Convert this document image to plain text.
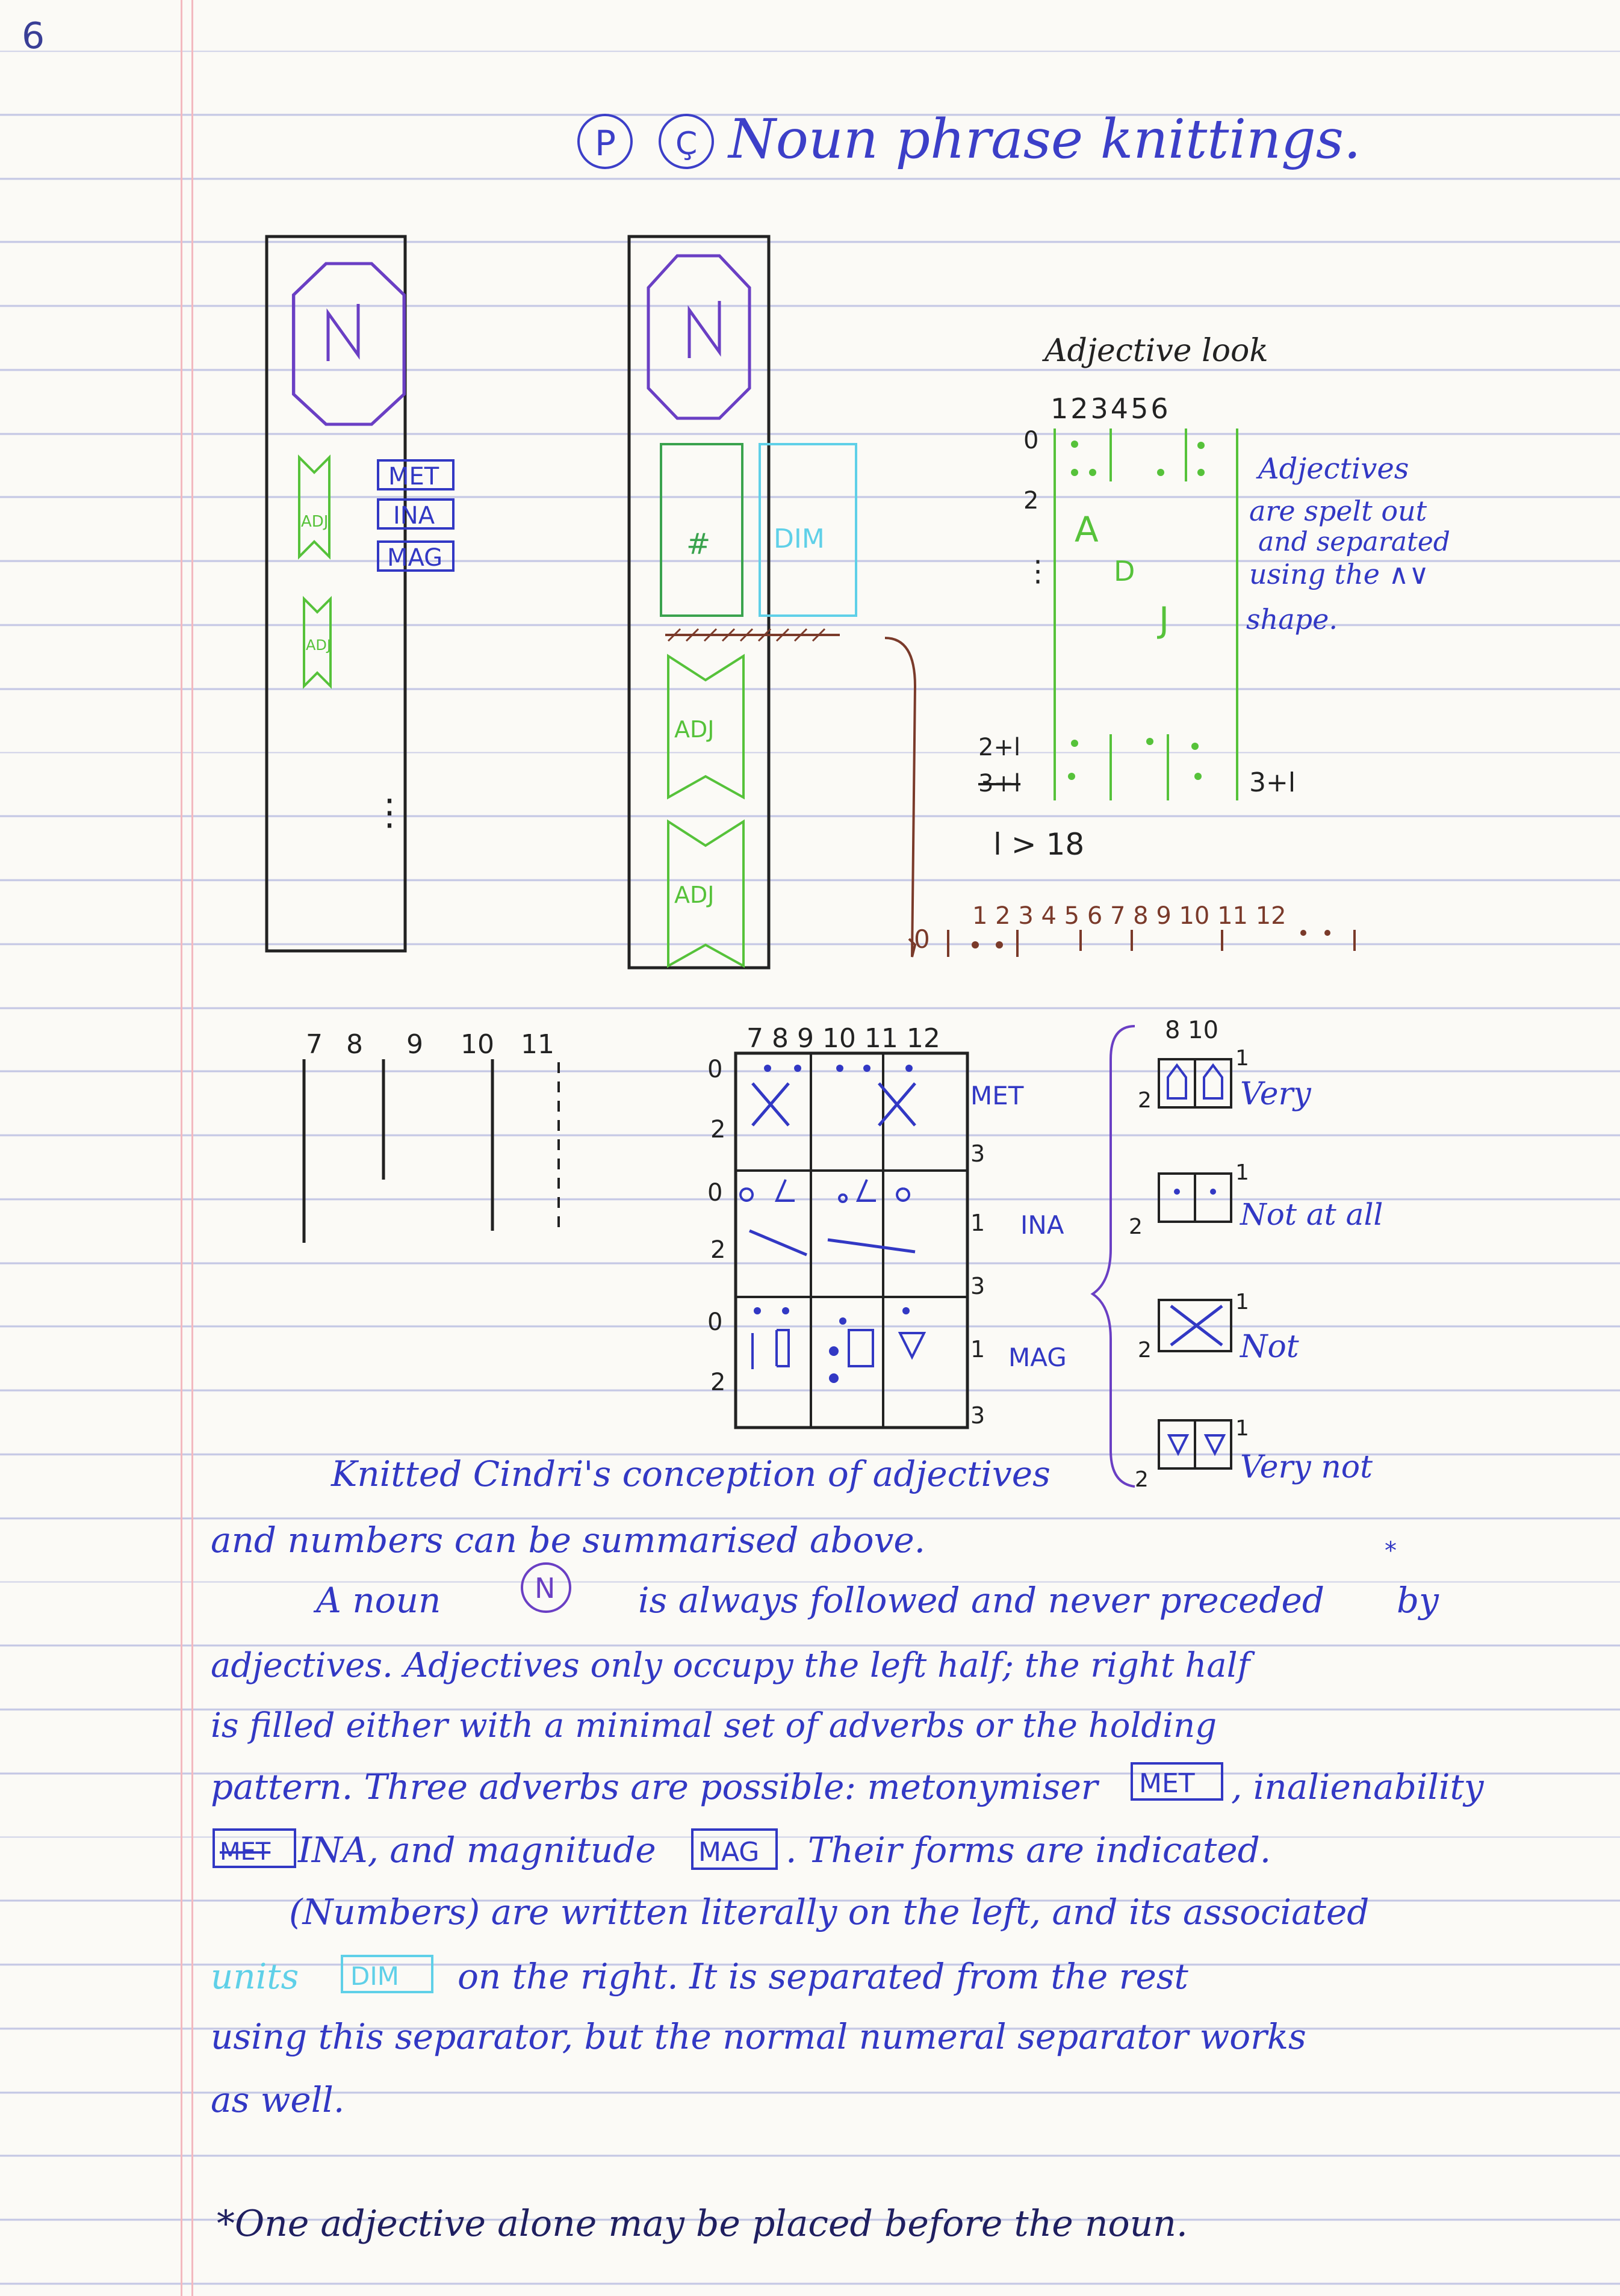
6
P Ç Noun phrase knittings.
ADJ
ADJ
MET
INA
MAG
⋮
# DIM
ADJ
ADJ
Adjective look
123456
0
2
⋮
A
D
J
2+l
3+l	3+l
l > 18
Adjectives
are spelt out
and separated
using the ∧∨
shape.
0
1 2 3 4 5 6 7 8 9 10 11 12
7 8 9 10 11	7 8 9 10 11 12
0
2
3
MET
0
2
1
3
INA
0
2
1
3
MAG
8 10
1
2	Very
1
2	Not at all
1
2	Not
1
2	Very not
N
MET
MET	MAG
DIM
*
Knitted Cindri's conception of adjectives
and numbers can be summarised above.
A noun	is always followed and never preceded by
adjectives. Adjectives only occupy the left half; the right half
is filled either with a minimal set of adverbs or the holding
pattern. Three adverbs are possible: metonymiser	, inalienability
INA, and magnitude	. Their forms are indicated.
(Numbers) are written literally on the left, and its associated
units	on the right. It is separated from the rest
using this separator, but the normal numeral separator works
as well.
*One adjective alone may be placed before the noun.
